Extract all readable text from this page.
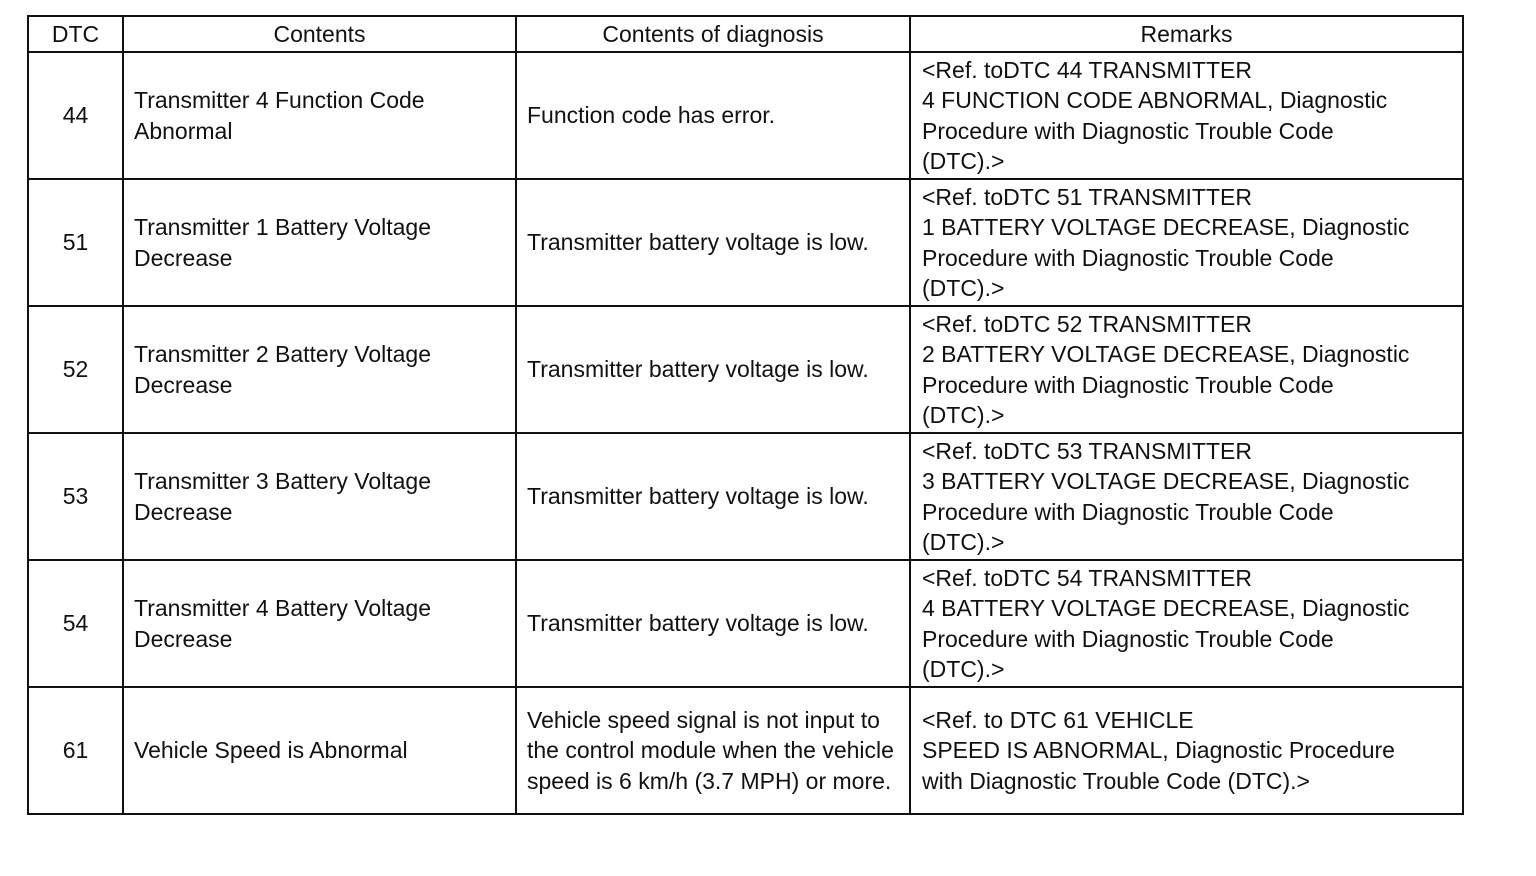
DTC	Contents	Contents of diagnosis	Remarks
44	Transmitter 4 Function Code Abnormal	Function code has error.	<Ref. toDTC 44 TRANSMITTER
4 FUNCTION CODE ABNORMAL, Diagnostic
Procedure with Diagnostic Trouble Code
(DTC).>

51	Transmitter 1 Battery Voltage Decrease	Transmitter battery voltage is low.	<Ref. toDTC 51 TRANSMITTER
1 BATTERY VOLTAGE DECREASE, Diagnostic
Procedure with Diagnostic Trouble Code
(DTC).>

52	Transmitter 2 Battery Voltage Decrease	Transmitter battery voltage is low.	<Ref. toDTC 52 TRANSMITTER
2 BATTERY VOLTAGE DECREASE, Diagnostic
Procedure with Diagnostic Trouble Code
(DTC).>

53	Transmitter 3 Battery Voltage Decrease	Transmitter battery voltage is low.	<Ref. toDTC 53 TRANSMITTER
3 BATTERY VOLTAGE DECREASE, Diagnostic
Procedure with Diagnostic Trouble Code
(DTC).>

54	Transmitter 4 Battery Voltage Decrease	Transmitter battery voltage is low.	<Ref. toDTC 54 TRANSMITTER
4 BATTERY VOLTAGE DECREASE, Diagnostic
Procedure with Diagnostic Trouble Code
(DTC).>

61	Vehicle Speed is Abnormal	Vehicle speed signal is not input to the control module when the vehicle speed is 6 km/h (3.7 MPH) or more.	<Ref. to DTC 61 VEHICLE
SPEED IS ABNORMAL, Diagnostic Procedure
with Diagnostic Trouble Code (DTC).>
